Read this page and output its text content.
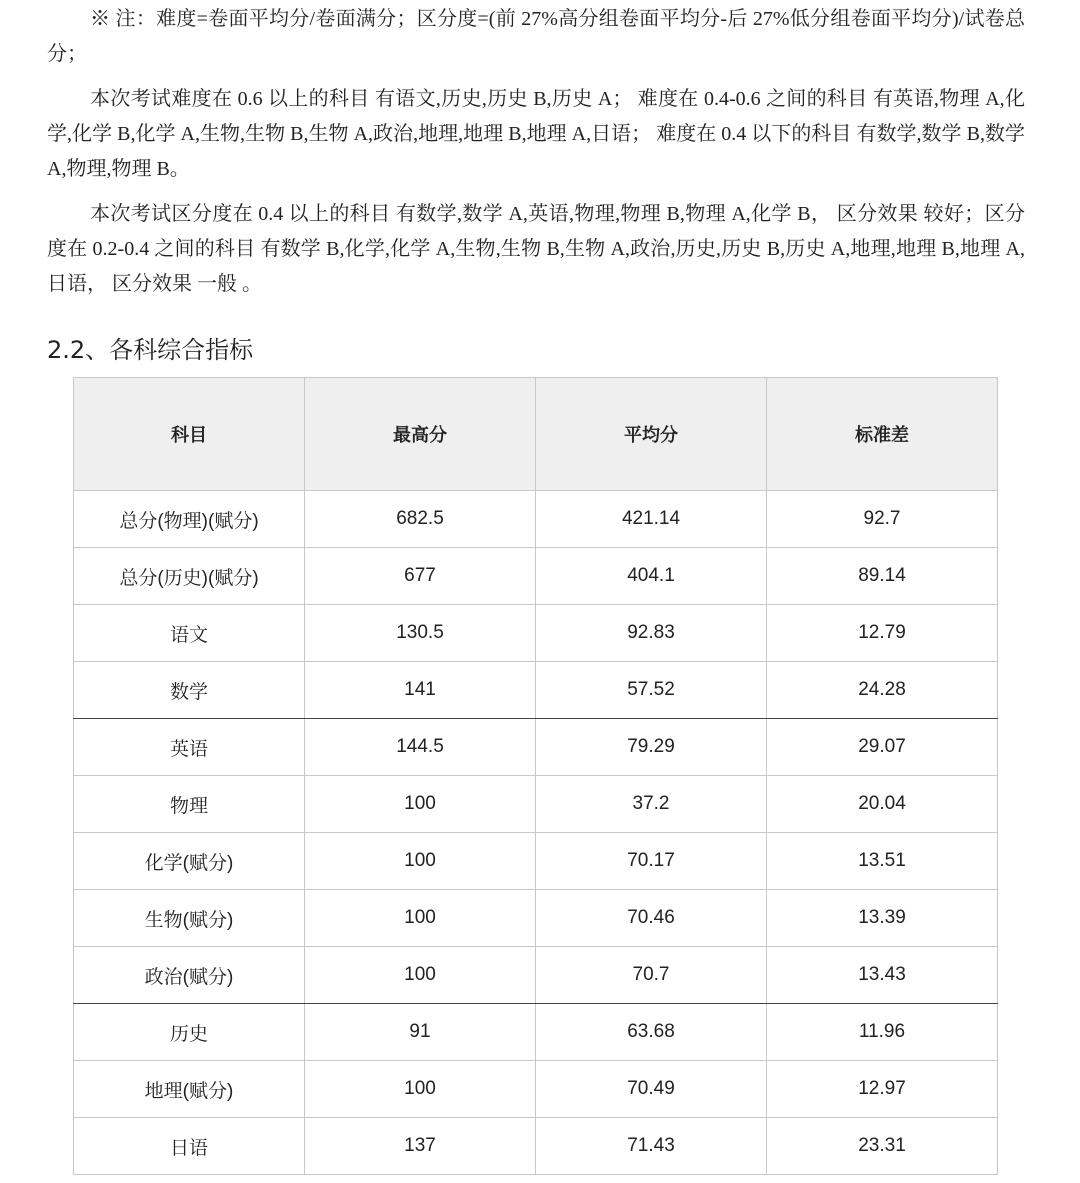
※ 注：难度=卷面平均分/卷面满分；区分度=(前 27%高分组卷面平均分-后 27%低分组卷面平均分)/试卷总分；
本次考试难度在 0.6 以上的科目 有语文,历史,历史 B,历史 A； 难度在 0.4-0.6 之间的科目 有英语,物理 A,化学,化学 B,化学 A,生物,生物 B,生物 A,政治,地理,地理 B,地理 A,日语； 难度在 0.4 以下的科目 有数学,数学 B,数学 A,物理,物理 B。
本次考试区分度在 0.4 以上的科目 有数学,数学 A,英语,物理,物理 B,物理 A,化学 B， 区分效果 较好；区分度在 0.2-0.4 之间的科目 有数学 B,化学,化学 A,生物,生物 B,生物 A,政治,历史,历史 B,历史 A,地理,地理 B,地理 A,日语， 区分效果 一般 。
2.2、各科综合指标
科目	最高分	平均分	标准差
总分(物理)(赋分)	682.5	421.14	92.7
总分(历史)(赋分)	677	404.1	89.14
语文	130.5	92.83	12.79
数学	141	57.52	24.28
英语	144.5	79.29	29.07
物理	100	37.2	20.04
化学(赋分)	100	70.17	13.51
生物(赋分)	100	70.46	13.39
政治(赋分)	100	70.7	13.43
历史	91	63.68	11.96
地理(赋分)	100	70.49	12.97
日语	137	71.43	23.31
